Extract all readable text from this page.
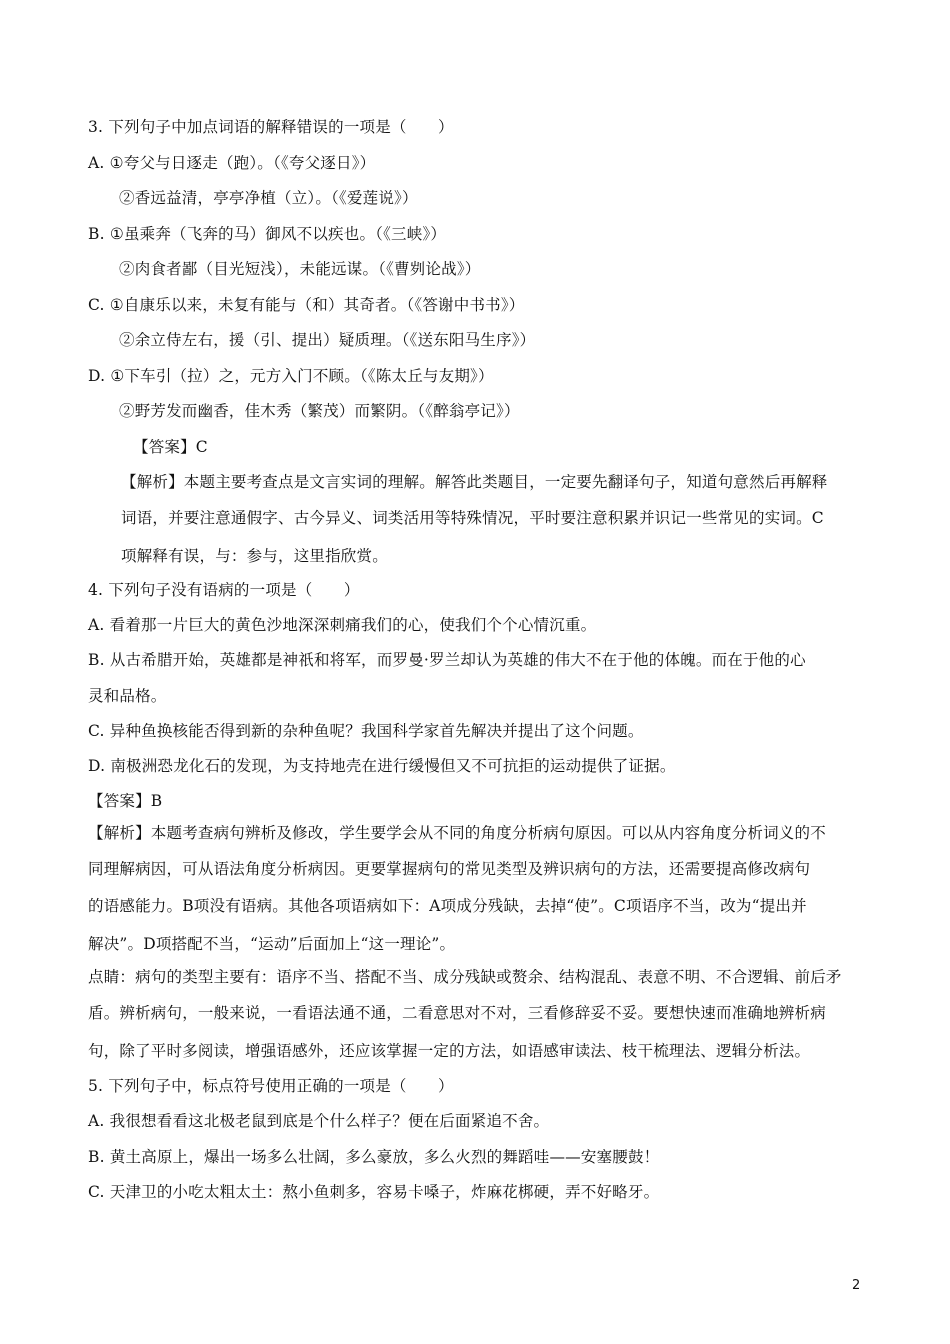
3. 下列句子中加点词语的解释错误的一项是（　　）
A. ①夸父与日逐走（跑）。（《夸父逐日》）
②香远益清，亭亭净植（立）。（《爱莲说》）
B. ①虽乘奔（飞奔的马）御风不以疾也。（《三峡》）
②肉食者鄙（目光短浅），未能远谋。（《曹刿论战》）
C. ①自康乐以来，未复有能与（和）其奇者。（《答谢中书书》）
②余立侍左右，援（引、提出）疑质理。（《送东阳马生序》）
D. ①下车引（拉）之，元方入门不顾。（《陈太丘与友期》）
②野芳发而幽香，佳木秀（繁茂）而繁阴。（《醉翁亭记》）
【答案】C
【解析】本题主要考查点是文言实词的理解。解答此类题目，一定要先翻译句子，知道句意然后再解释
词语，并要注意通假字、古今异义、词类活用等特殊情况，平时要注意积累并识记一些常见的实词。C
项解释有误，与：参与，这里指欣赏。
4. 下列句子没有语病的一项是（　　）
A. 看着那一片巨大的黄色沙地深深刺痛我们的心，使我们个个心情沉重。
B. 从古希腊开始，英雄都是神祇和将军，而罗曼·罗兰却认为英雄的伟大不在于他的体魄。而在于他的心
灵和品格。
C. 异种鱼换核能否得到新的杂种鱼呢？我国科学家首先解决并提出了这个问题。
D. 南极洲恐龙化石的发现，为支持地壳在进行缓慢但又不可抗拒的运动提供了证据。
【答案】B
【解析】本题考查病句辨析及修改，学生要学会从不同的角度分析病句原因。可以从内容角度分析词义的不
同理解病因，可从语法角度分析病因。更要掌握病句的常见类型及辨识病句的方法，还需要提高修改病句
的语感能力。B项没有语病。其他各项语病如下：A项成分残缺，去掉“使”。C项语序不当，改为“提出并
解决”。D项搭配不当，“运动”后面加上“这一理论”。
点睛：病句的类型主要有：语序不当、搭配不当、成分残缺或赘余、结构混乱、表意不明、不合逻辑、前后矛
盾。辨析病句，一般来说，一看语法通不通，二看意思对不对，三看修辞妥不妥。要想快速而准确地辨析病
句，除了平时多阅读，增强语感外，还应该掌握一定的方法，如语感审读法、枝干梳理法、逻辑分析法。
5. 下列句子中，标点符号使用正确的一项是（　　）
A. 我很想看看这北极老鼠到底是个什么样子？便在后面紧追不舍。
B. 黄土高原上，爆出一场多么壮阔，多么豪放，多么火烈的舞蹈哇——安塞腰鼓！
C. 天津卫的小吃太粗太土：熬小鱼刺多，容易卡嗓子，炸麻花梆硬，弄不好略牙。
2
